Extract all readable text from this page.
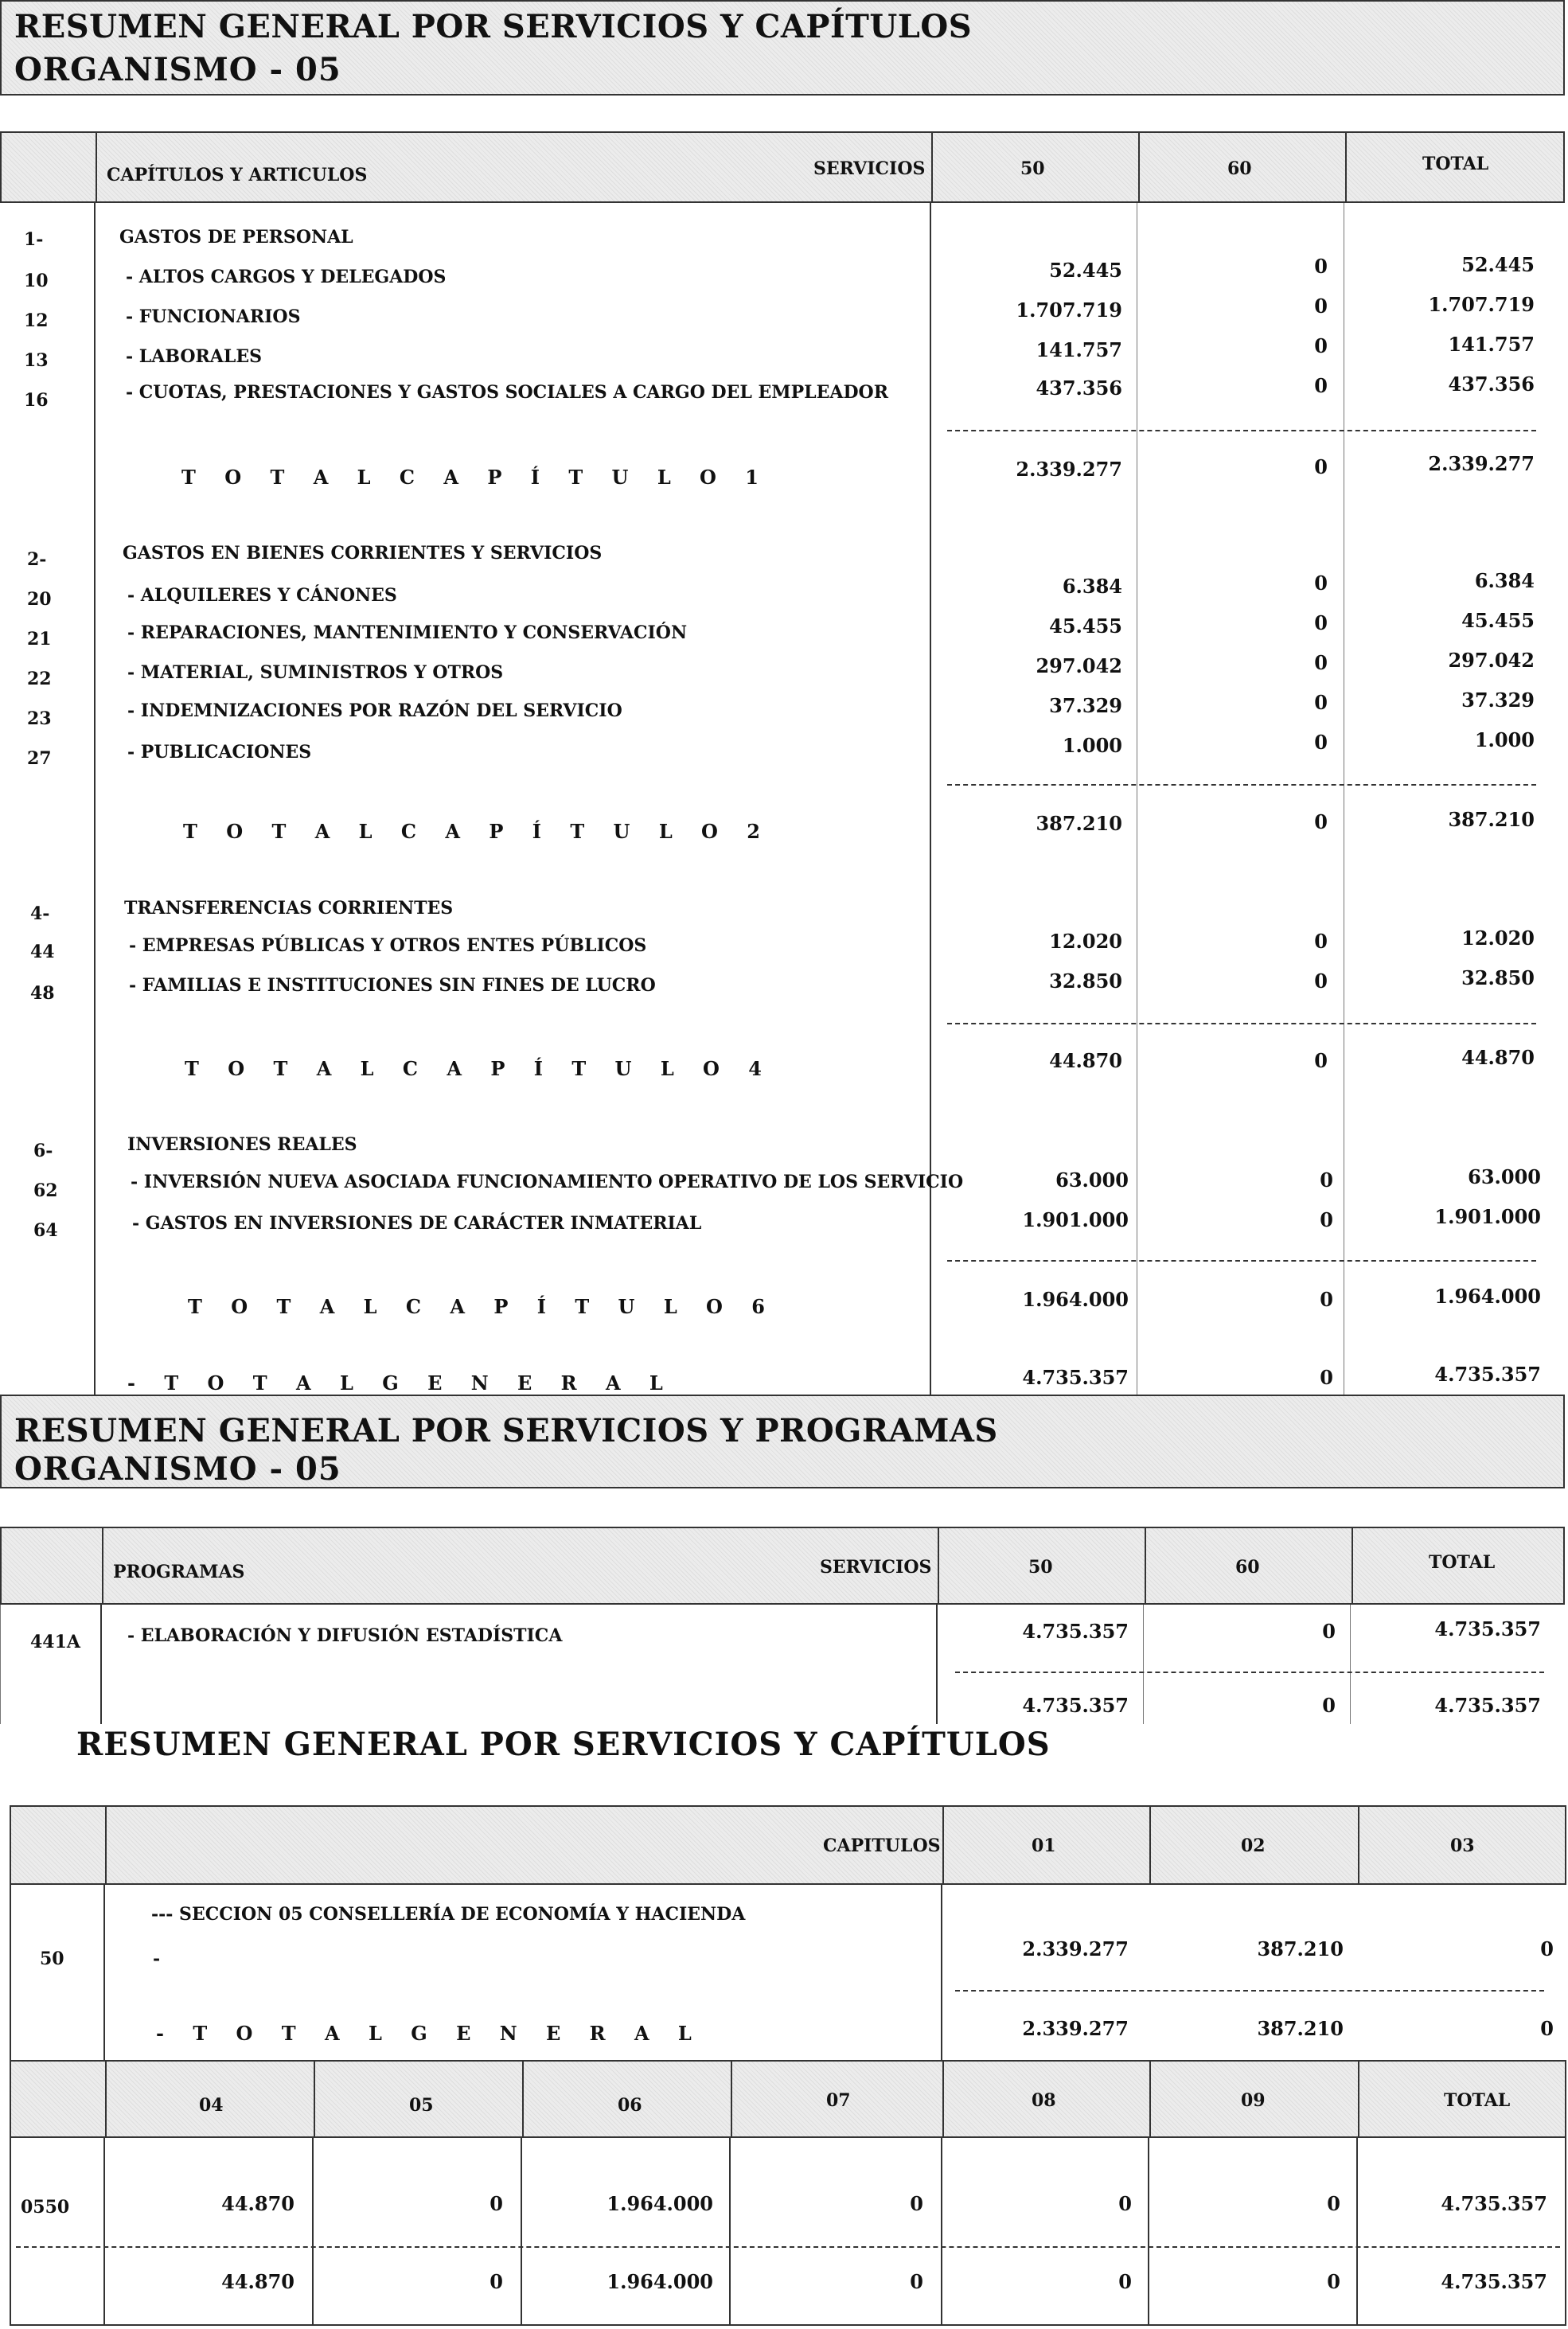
RESUMEN GENERAL POR SERVICIOS Y CAPÍTULOS
ORGANISMO - 05
CAPÍTULOS Y ARTICULOS	SERVICIOS	50	60	TOTAL
1-	GASTOS DE PERSONAL
10	- ALTOS CARGOS Y DELEGADOS	52.445	0	52.445
12	- FUNCIONARIOS	1.707.719	0	1.707.719
13	- LABORALES	141.757	0	141.757
16	- CUOTAS, PRESTACIONES Y GASTOS SOCIALES A CARGO DEL EMPLEADOR	437.356	0	437.356
T O T A L C A P Í T U L O 1	2.339.277	0	2.339.277
2-	GASTOS EN BIENES CORRIENTES Y SERVICIOS
20	- ALQUILERES Y CÁNONES	6.384	0	6.384
21	- REPARACIONES, MANTENIMIENTO Y CONSERVACIÓN	45.455	0	45.455
22	- MATERIAL, SUMINISTROS Y OTROS	297.042	0	297.042
23	- INDEMNIZACIONES POR RAZÓN DEL SERVICIO	37.329	0	37.329
27	- PUBLICACIONES	1.000	0	1.000
T O T A L C A P Í T U L O 2	387.210	0	387.210
4-	TRANSFERENCIAS CORRIENTES
44	- EMPRESAS PÚBLICAS Y OTROS ENTES PÚBLICOS	12.020	0	12.020
48	- FAMILIAS E INSTITUCIONES SIN FINES DE LUCRO	32.850	0	32.850
T O T A L C A P Í T U L O 4	44.870	0	44.870
6-	INVERSIONES REALES
62	- INVERSIÓN NUEVA ASOCIADA FUNCIONAMIENTO OPERATIVO DE LOS SERVICIO	63.000	0	63.000
64	- GASTOS EN INVERSIONES DE CARÁCTER INMATERIAL	1.901.000	0	1.901.000
T O T A L C A P Í T U L O 6	1.964.000	0	1.964.000
- T O T A L G E N E R A L	4.735.357	0	4.735.357
RESUMEN GENERAL POR SERVICIOS Y PROGRAMAS
ORGANISMO - 05
PROGRAMAS	SERVICIOS	50	60	TOTAL
441A	- ELABORACIÓN Y DIFUSIÓN ESTADÍSTICA	4.735.357	0	4.735.357
4.735.357	0	4.735.357
RESUMEN GENERAL POR SERVICIOS Y CAPÍTULOS
CAPITULOS	01	02	03
--- SECCION 05 CONSELLERÍA DE ECONOMÍA Y HACIENDA
50	-	2.339.277	387.210	0
- T O T A L G E N E R A L	2.339.277	387.210	0
04	05	06	07	08	09	TOTAL
0550	44.870	0	1.964.000	0	0	0	4.735.357
44.870	0	1.964.000	0	0	0	4.735.357
